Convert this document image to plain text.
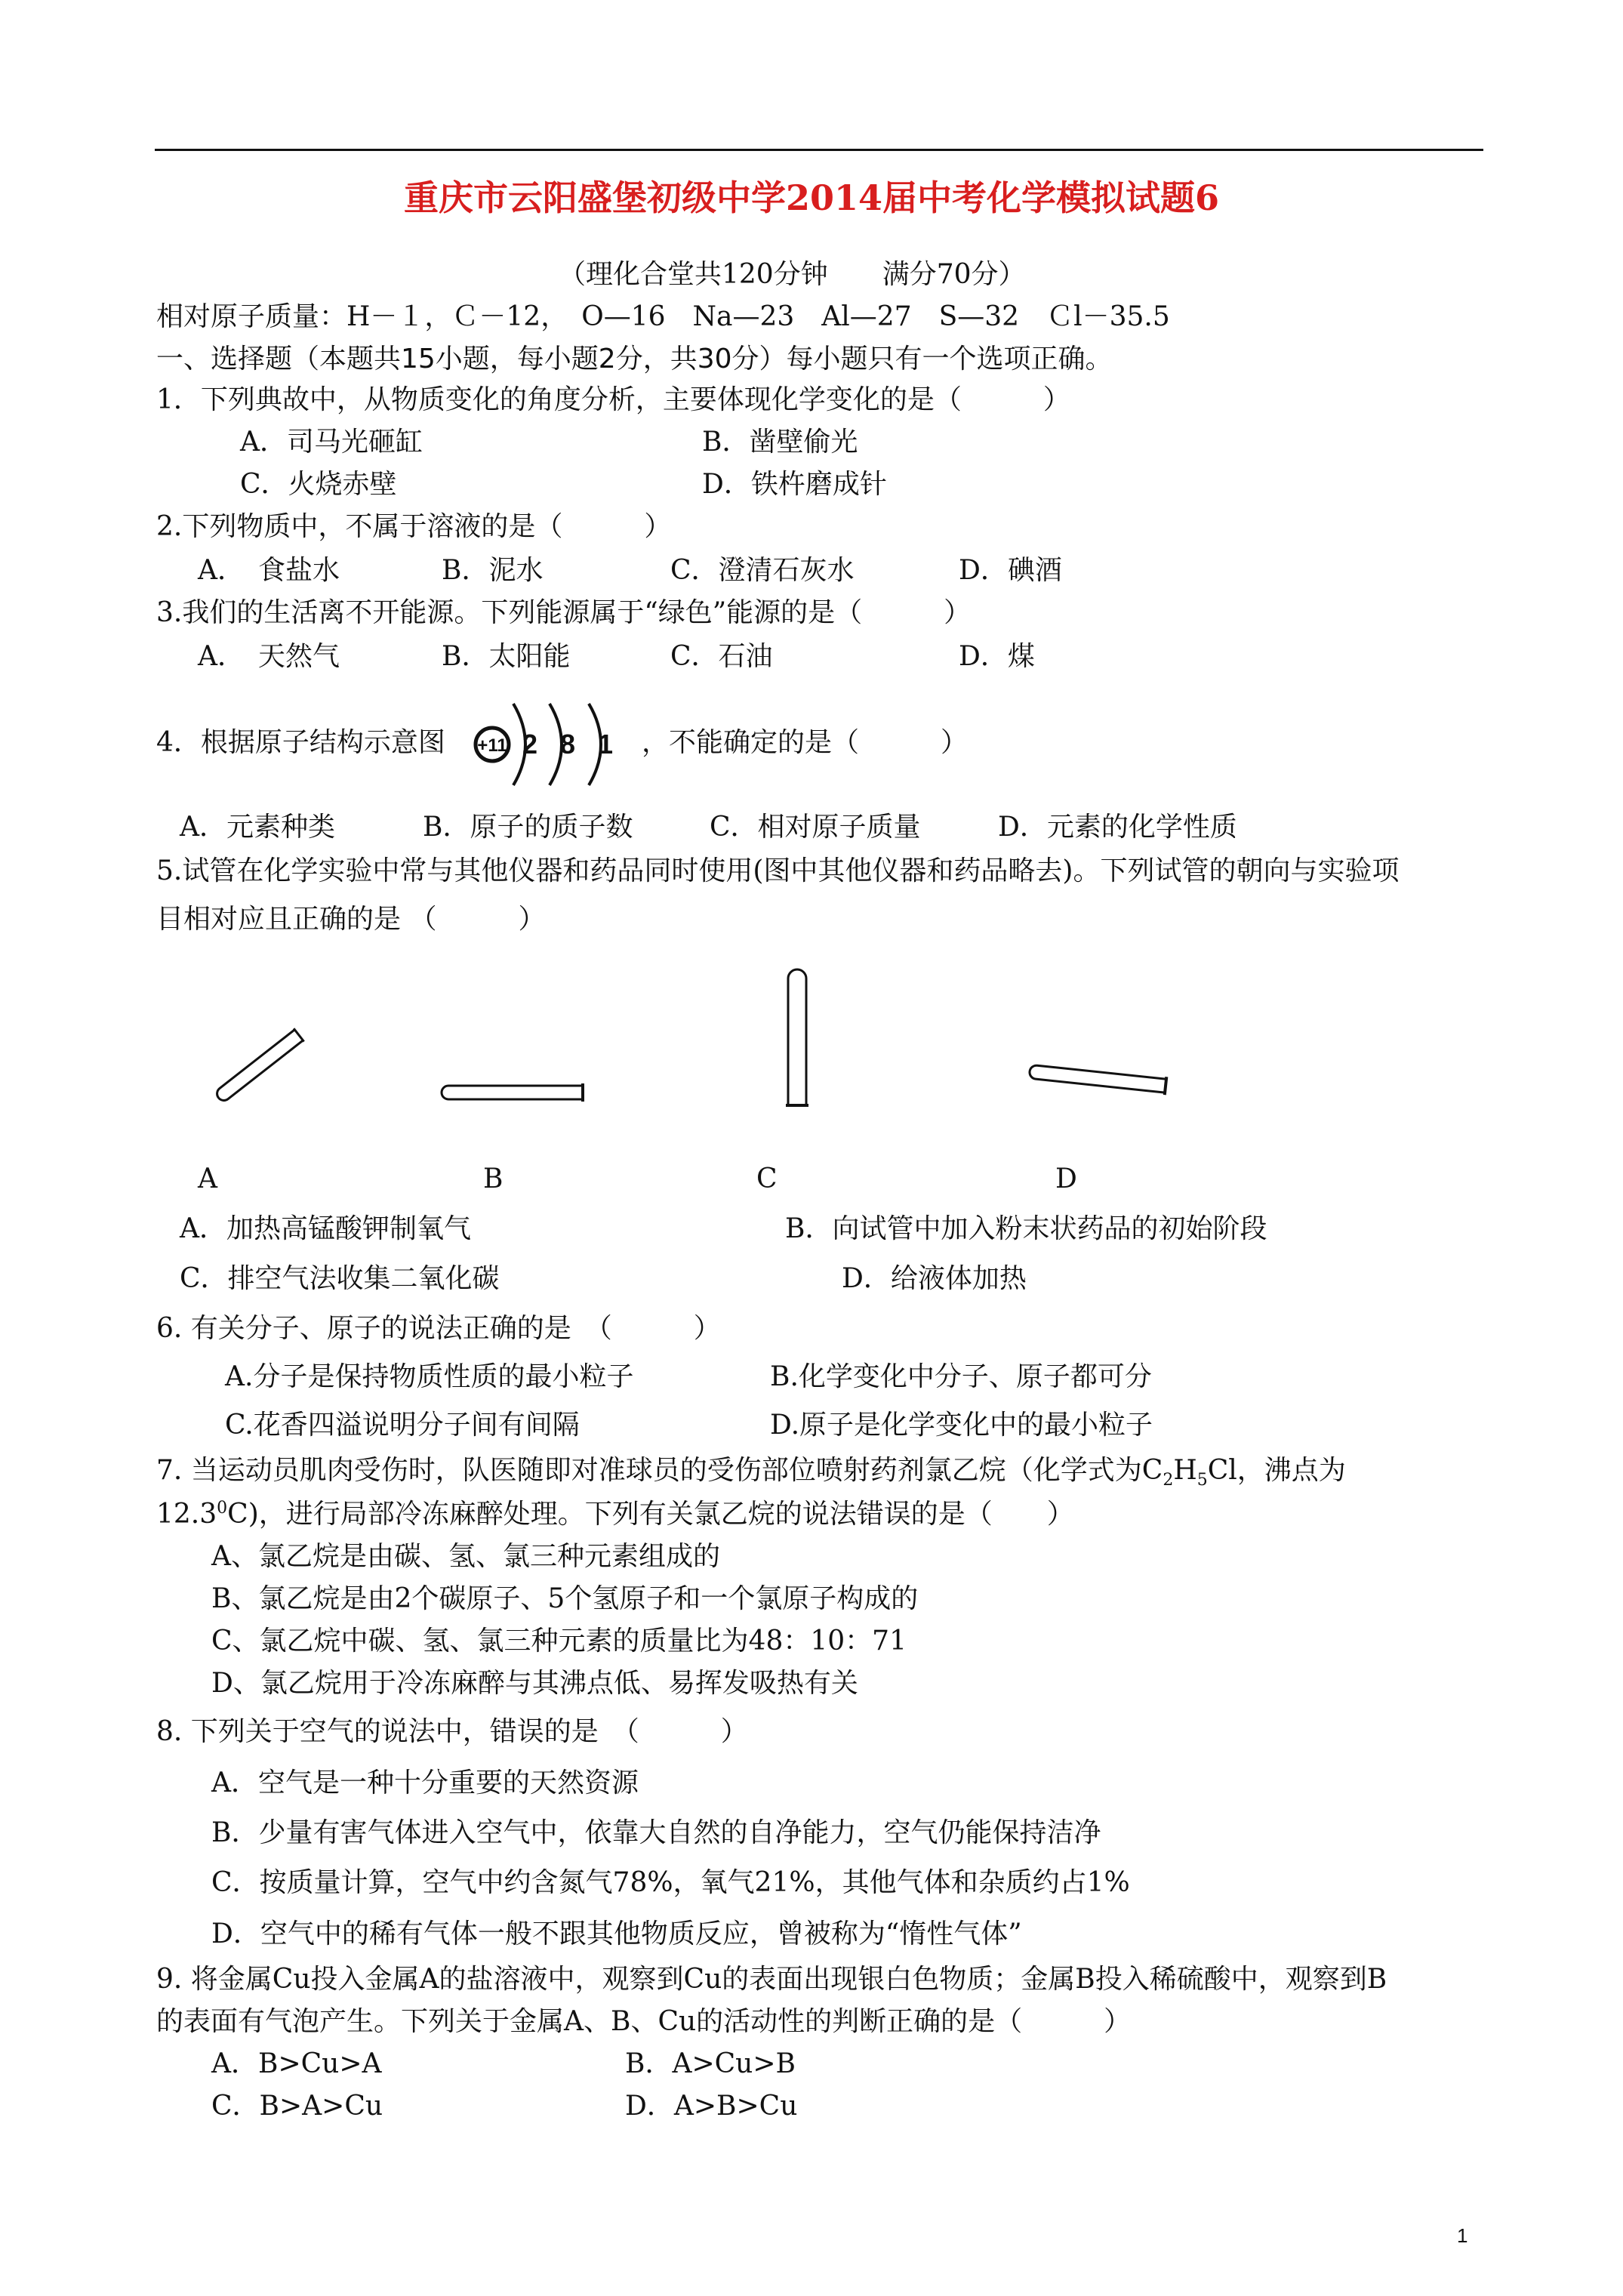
重庆市云阳盛堡初级中学2014届中考化学模拟试题6
（理化合堂共120分钟　　满分70分）
相对原子质量：H－１，Ｃ－12，　O—16　Na—23　Al—27　S—32　Ｃl－35.5
一、选择题（本题共15小题，每小题2分，共30分）每小题只有一个选项正确。
1．下列典故中，从物质变化的角度分析，主要体现化学变化的是（　　　）
A．司马光砸缸	B．凿壁偷光
C．火烧赤壁	D．铁杵磨成针
2.下列物质中，不属于溶液的是（　　　）
A．　食盐水	B．泥水	C．澄清石灰水	D．碘酒
3.我们的生活离不开能源。下列能源属于“绿色”能源的是（　　　）
A．　天然气	B．太阳能	C．石油	D．煤
4．根据原子结构示意图 +11 2 8 1 ，不能确定的是（　　　）
A．元素种类	B．原子的质子数	C．相对原子质量	D．元素的化学性质
5.试管在化学实验中常与其他仪器和药品同时使用(图中其他仪器和药品略去)。下列试管的朝向与实验项
目相对应且正确的是 （　　　）
A	B	C	D
A．加热高锰酸钾制氧气	B．向试管中加入粉末状药品的初始阶段
C．排空气法收集二氧化碳	D．给液体加热
6. 有关分子、原子的说法正确的是　（　　　）
A.分子是保持物质性质的最小粒子	B.化学变化中分子、原子都可分
C.花香四溢说明分子间有间隔	D.原子是化学变化中的最小粒子
7. 当运动员肌肉受伤时，队医随即对准球员的受伤部位喷射药剂氯乙烷（化学式为$C_2H_5Cl$，沸点为
12.3$^0$C)，进行局部冷冻麻醉处理。下列有关氯乙烷的说法错误的是（　　）
A、氯乙烷是由碳、氢、氯三种元素组成的
B、氯乙烷是由2个碳原子、5个氢原子和一个氯原子构成的
C、氯乙烷中碳、氢、氯三种元素的质量比为48：10：71
D、氯乙烷用于冷冻麻醉与其沸点低、易挥发吸热有关
8. 下列关于空气的说法中，错误的是　（　　　）
A．空气是一种十分重要的天然资源
B．少量有害气体进入空气中，依靠大自然的自净能力，空气仍能保持洁净
C．按质量计算，空气中约含氮气78%，氧气21%，其他气体和杂质约占1%
D．空气中的稀有气体一般不跟其他物质反应，曾被称为“惰性气体”
9. 将金属Cu投入金属A的盐溶液中，观察到Cu的表面出现银白色物质；金属B投入稀硫酸中，观察到B
的表面有气泡产生。下列关于金属A、B、Cu的活动性的判断正确的是（　　　）
A．B>Cu>A	B．A>Cu>B
C．B>A>Cu	D．A>B>Cu
1
